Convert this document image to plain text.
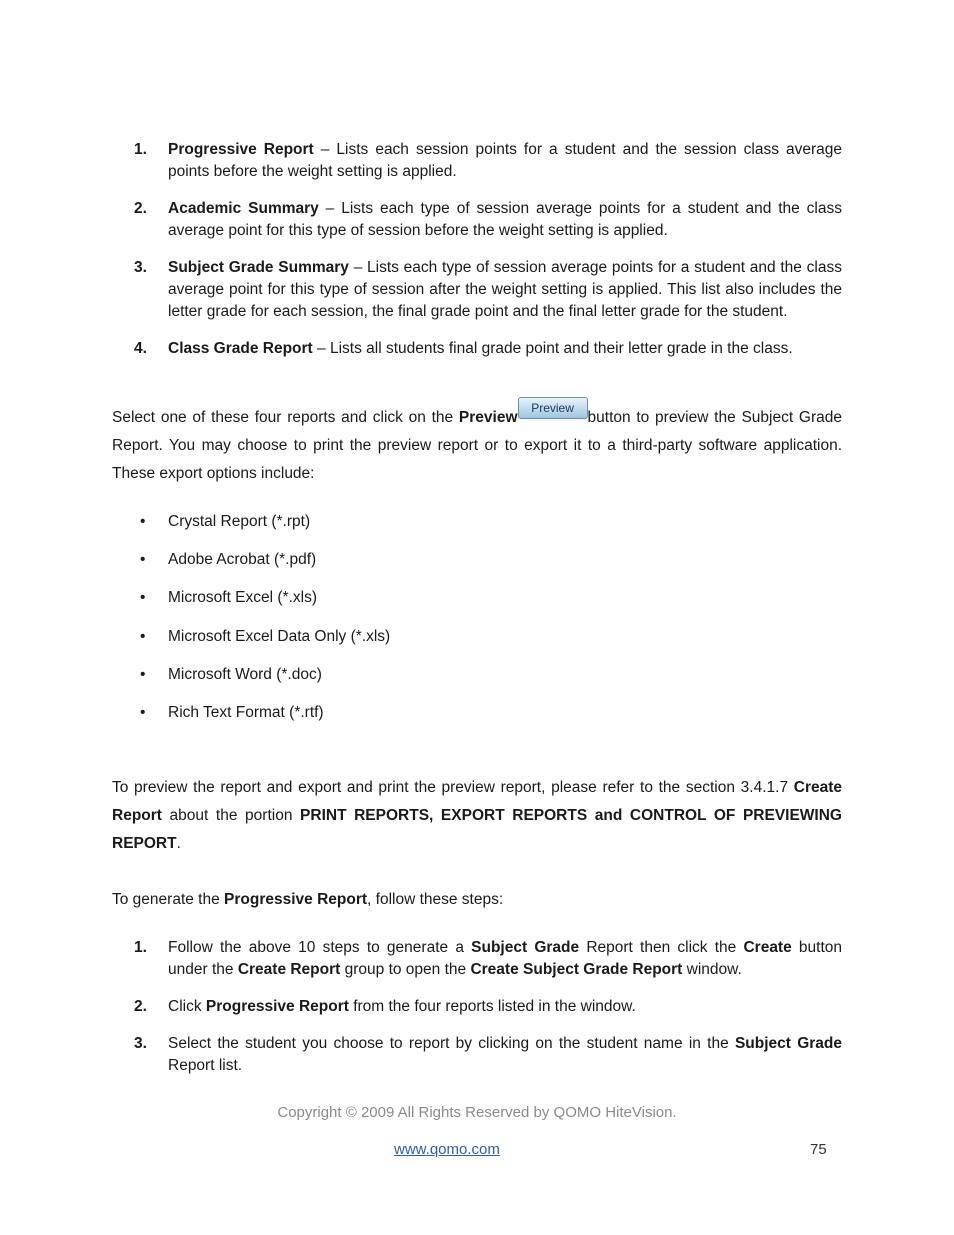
1.	Progressive Report – Lists each session points for a student and the session class average points before the weight setting is applied.
2.	Academic Summary – Lists each type of session average points for a student and the class average point for this type of session before the weight setting is applied.
3.	Subject Grade Summary – Lists each type of session average points for a student and the class average point for this type of session after the weight setting is applied. This list also includes the letter grade for each session, the final grade point and the final letter grade for the student.
4.	Class Grade Report – Lists all students final grade point and their letter grade in the class.
Select one of these four reports and click on the PreviewPreviewbutton to preview the Subject Grade Report. You may choose to print the preview report or to export it to a third-party software application. These export options include:
• Crystal Report (*.rpt)
• Adobe Acrobat (*.pdf)
• Microsoft Excel (*.xls)
• Microsoft Excel Data Only (*.xls)
• Microsoft Word (*.doc)
• Rich Text Format (*.rtf)
To preview the report and export and print the preview report, please refer to the section 3.4.1.7 Create Report about the portion PRINT REPORTS, EXPORT REPORTS and CONTROL OF PREVIEWING REPORT.
To generate the Progressive Report, follow these steps:
1.	Follow the above 10 steps to generate a Subject Grade Report then click the Create button under the Create Report group to open the Create Subject Grade Report window.
2.	Click Progressive Report from the four reports listed in the window.
3.	Select the student you choose to report by clicking on the student name in the Subject Grade Report list.
Copyright © 2009 All Rights Reserved by QOMO HiteVision.
www.qomo.com	75
